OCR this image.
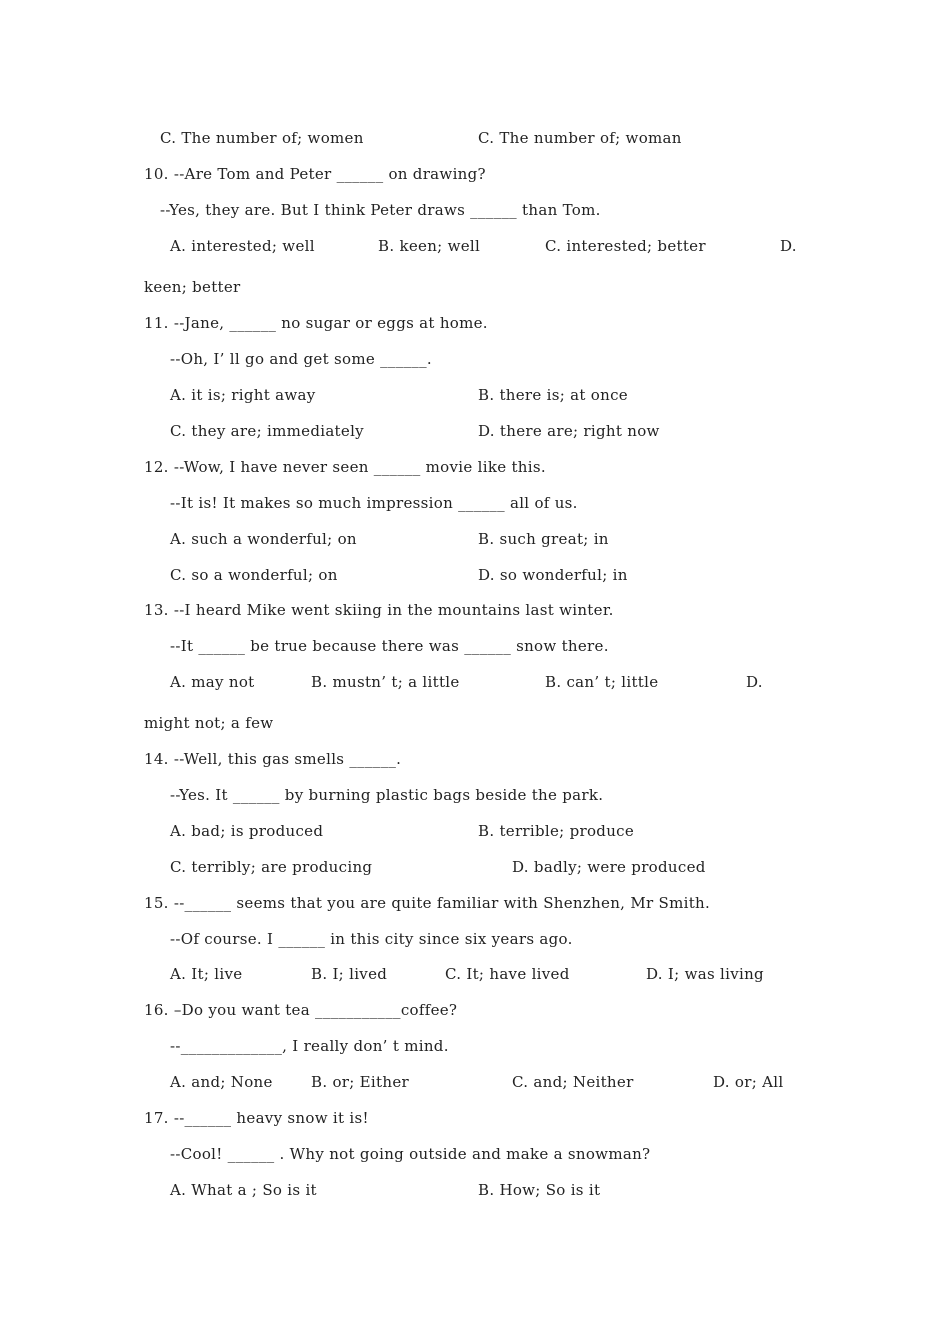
C. The number of; women	C. The number of; woman
10. --Are Tom and Peter ______ on drawing?
--Yes, they are. But I think Peter draws ______ than Tom.
A. interested; well	B. keen; well	C. interested; better	D.
keen; better
11. --Jane, ______ no sugar or eggs at home.
--Oh, I’ ll go and get some ______.
A. it is; right away	B. there is; at once
C. they are; immediately	D. there are; right now
12. --Wow, I have never seen ______ movie like this.
--It is! It makes so much impression ______ all of us.
A. such a wonderful; on	B. such great; in
C. so a wonderful; on	D. so wonderful; in
13. --I heard Mike went skiing in the mountains last winter.
--It ______ be true because there was ______ snow there.
A. may not	B. mustn’ t; a little	B. can’ t; little	D.
might not; a few
14. --Well, this gas smells ______.
--Yes. It ______ by burning plastic bags beside the park.
A. bad; is produced	B. terrible; produce
C. terribly; are producing	D. badly; were produced
15. --______ seems that you are quite familiar with Shenzhen, Mr Smith.
--Of course. I ______ in this city since six years ago.
A. It; live	B. I; lived	C. It; have lived	D. I; was living
16. –Do you want tea ___________coffee?
--_____________, I really don’ t mind.
A. and; None	B. or; Either	C. and; Neither	D. or; All
17. --______ heavy snow it is!
--Cool! ______ . Why not going outside and make a snowman?
A. What a ; So is it	B. How; So is it
